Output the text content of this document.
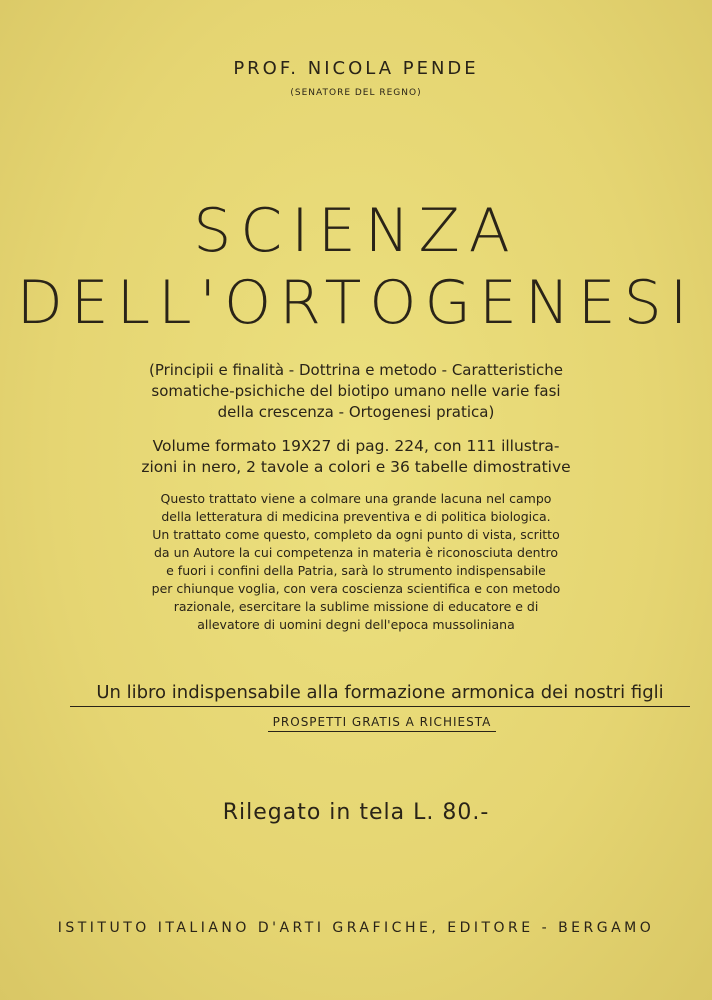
PROF. NICOLA PENDE
(SENATORE DEL REGNO)
SCIENZA
DELL'ORTOGENESI
(Principii e finalità - Dottrina e metodo - Caratteristiche
somatiche-psichiche del biotipo umano nelle varie fasi
della crescenza - Ortogenesi pratica)
Volume formato 19X27 di pag. 224, con 111 illustra-
zioni in nero, 2 tavole a colori e 36 tabelle dimostrative
Questo trattato viene a colmare una grande lacuna nel campo
della letteratura di medicina preventiva e di politica biologica.
Un trattato come questo, completo da ogni punto di vista, scritto
da un Autore la cui competenza in materia è riconosciuta dentro
e fuori i confini della Patria, sarà lo strumento indispensabile
per chiunque voglia, con vera coscienza scientifica e con metodo
razionale, esercitare la sublime missione di educatore e di
allevatore di uomini degni dell'epoca mussoliniana
Un libro indispensabile alla formazione armonica dei nostri figli
PROSPETTI GRATIS A RICHIESTA
Rilegato in tela L. 80.-
ISTITUTO ITALIANO D'ARTI GRAFICHE, EDITORE - BERGAMO
